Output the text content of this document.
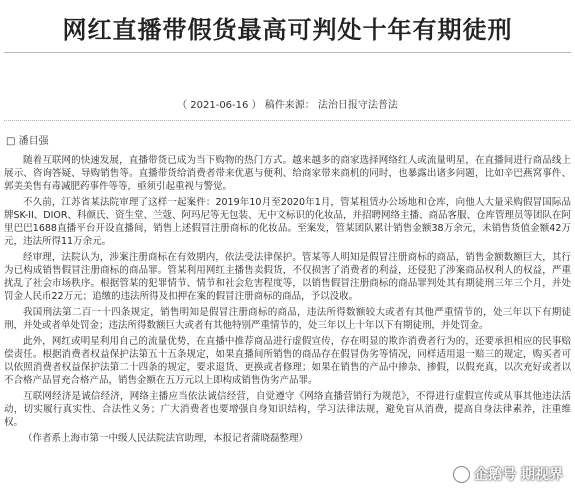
网红直播带假货最高可判处十年有期徒刑
（ 2021-06-16 ） 稿件来源： 法治日报守法普法
□ 潘目强

随着互联网的快速发展，直播带货已成为当下购物的热门方式。越来越多的商家选择网络红人或流量明星，在直播间进行商品线上展示、咨询答疑、导购销售等。直播带货给消费者带来优惠与便利、给商家带来商机的同时，也暴露出诸多问题，比如辛巴燕窝事件、郭美美售有毒减肥药事件等等，亟须引起重视与警觉。

不久前，江苏省某法院审理了这样一起案件：2019年10月至2020年1月，管某租赁办公场地和仓库，向他人大量采购假冒国际品牌SK-II、DIOR、科颜氏、资生堂、兰蔻、阿玛尼等无包装、无中文标识的化妆品，并招聘网络主播、商品客服、仓库管理员等团队在阿里巴巴1688直播平台开设直播间，销售上述假冒注册商标的化妆品。至案发，管某团队累计销售金额38万余元，未销售货值金额42万元，违法所得11万余元。

经审理，法院认为，涉案注册商标在有效期内，依法受法律保护。管某等人明知是假冒注册商标的商品，销售金额数额巨大，其行为已构成销售假冒注册商标的商品罪。管某利用网红主播售卖假货，不仅损害了消费者的利益，还侵犯了涉案商品权利人的权益，严重扰乱了社会市场秩序。根据管某的犯罪情节、情节和社会危害程度等，以销售假冒注册商标的商品罪判处其有期徒刑三年三个月，并处罚金人民币22万元；追缴的违法所得及扣押在案的假冒注册商标的商品，予以没收。

我国刑法第二百一十四条规定，销售明知是假冒注册商标的商品，违法所得数额较大或者有其他严重情节的，处三年以下有期徒刑，并处或者单处罚金；违法所得数额巨大或者有其他特别严重情节的，处三年以上十年以下有期徒刑，并处罚金。

此外，网红或明星利用自己的流量优势，在直播中推荐商品进行虚假宣传，存在明显的欺诈消费者行为的，还要承担相应的民事赔偿责任。根据消费者权益保护法第五十五条规定，如果直播间所销售的商品存在假冒伪劣等情况，同样适用退一赔三的规定，购买者可以依照消费者权益保护法第二十四条的规定，要求退货、更换或者修理；如果在销售的产品中掺杂、掺假，以假充真，以次充好或者以不合格产品冒充合格产品，销售金额在五万元以上即构成销售伪劣产品罪。

互联网经济是诚信经济，网络主播应当依法诚信经营，自觉遵守《网络直播营销行为规范》，不得进行虚假宣传或从事其他违法活动，切实履行真实性、合法性义务；广大消费者也要增强自身知识结构，学习法律法规，避免盲从消费，提高自身法律素养，注重维权。

（作者系上海市第一中级人民法院法官助理，本报记者蒲晓磊整理）

企鹅号 期视界
